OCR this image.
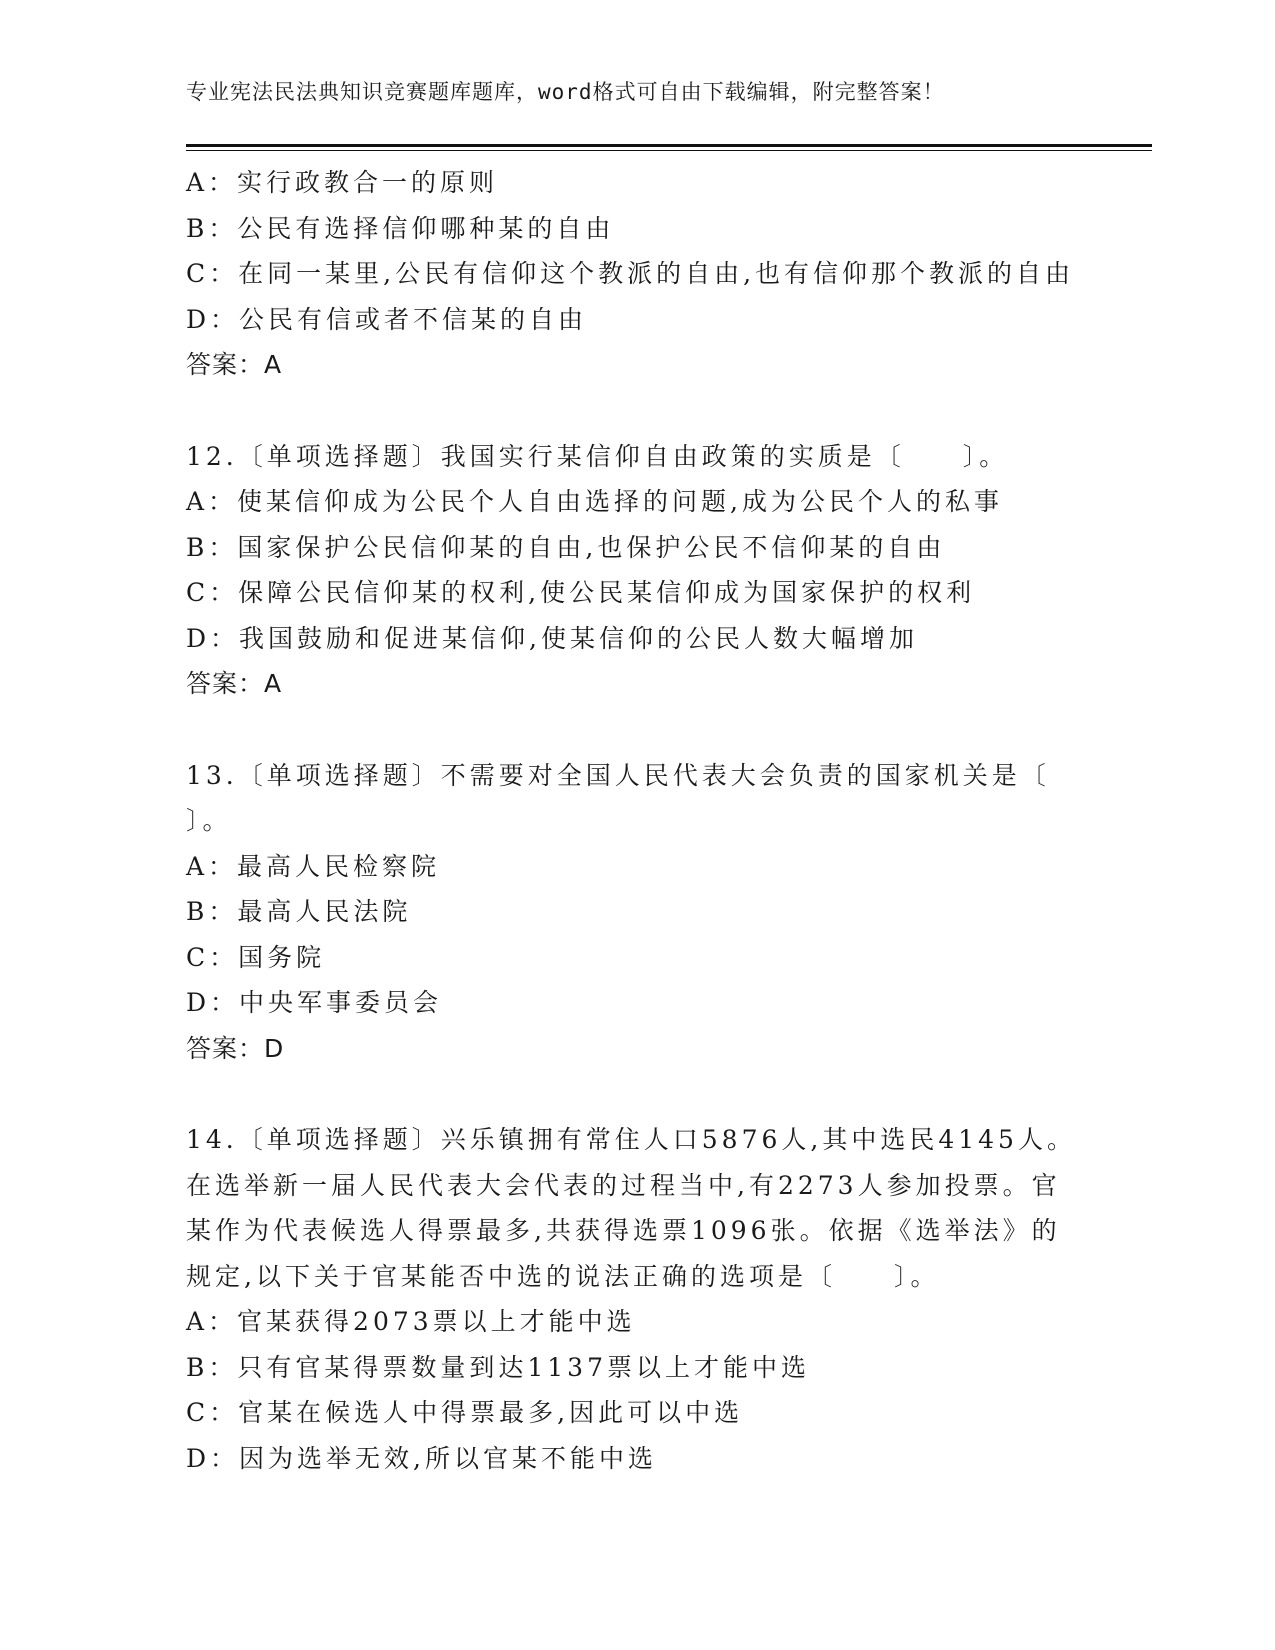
专业宪法民法典知识竞赛题库题库，word格式可自由下载编辑，附完整答案！
A：实行政教合一的原则
B：公民有选择信仰哪种某的自由
C：在同一某里,公民有信仰这个教派的自由,也有信仰那个教派的自由
D：公民有信或者不信某的自由
答案：A
12.〔单项选择题〕我国实行某信仰自由政策的实质是〔　　〕。
A：使某信仰成为公民个人自由选择的问题,成为公民个人的私事
B：国家保护公民信仰某的自由,也保护公民不信仰某的自由
C：保障公民信仰某的权利,使公民某信仰成为国家保护的权利
D：我国鼓励和促进某信仰,使某信仰的公民人数大幅增加
答案：A
13.〔单项选择题〕不需要对全国人民代表大会负责的国家机关是〔
〕。
A：最高人民检察院
B：最高人民法院
C：国务院
D：中央军事委员会
答案：D
14.〔单项选择题〕兴乐镇拥有常住人口5876人,其中选民4145人。
在选举新一届人民代表大会代表的过程当中,有2273人参加投票。官
某作为代表候选人得票最多,共获得选票1096张。依据《选举法》的
规定,以下关于官某能否中选的说法正确的选项是〔　　〕。
A：官某获得2073票以上才能中选
B：只有官某得票数量到达1137票以上才能中选
C：官某在候选人中得票最多,因此可以中选
D：因为选举无效,所以官某不能中选
